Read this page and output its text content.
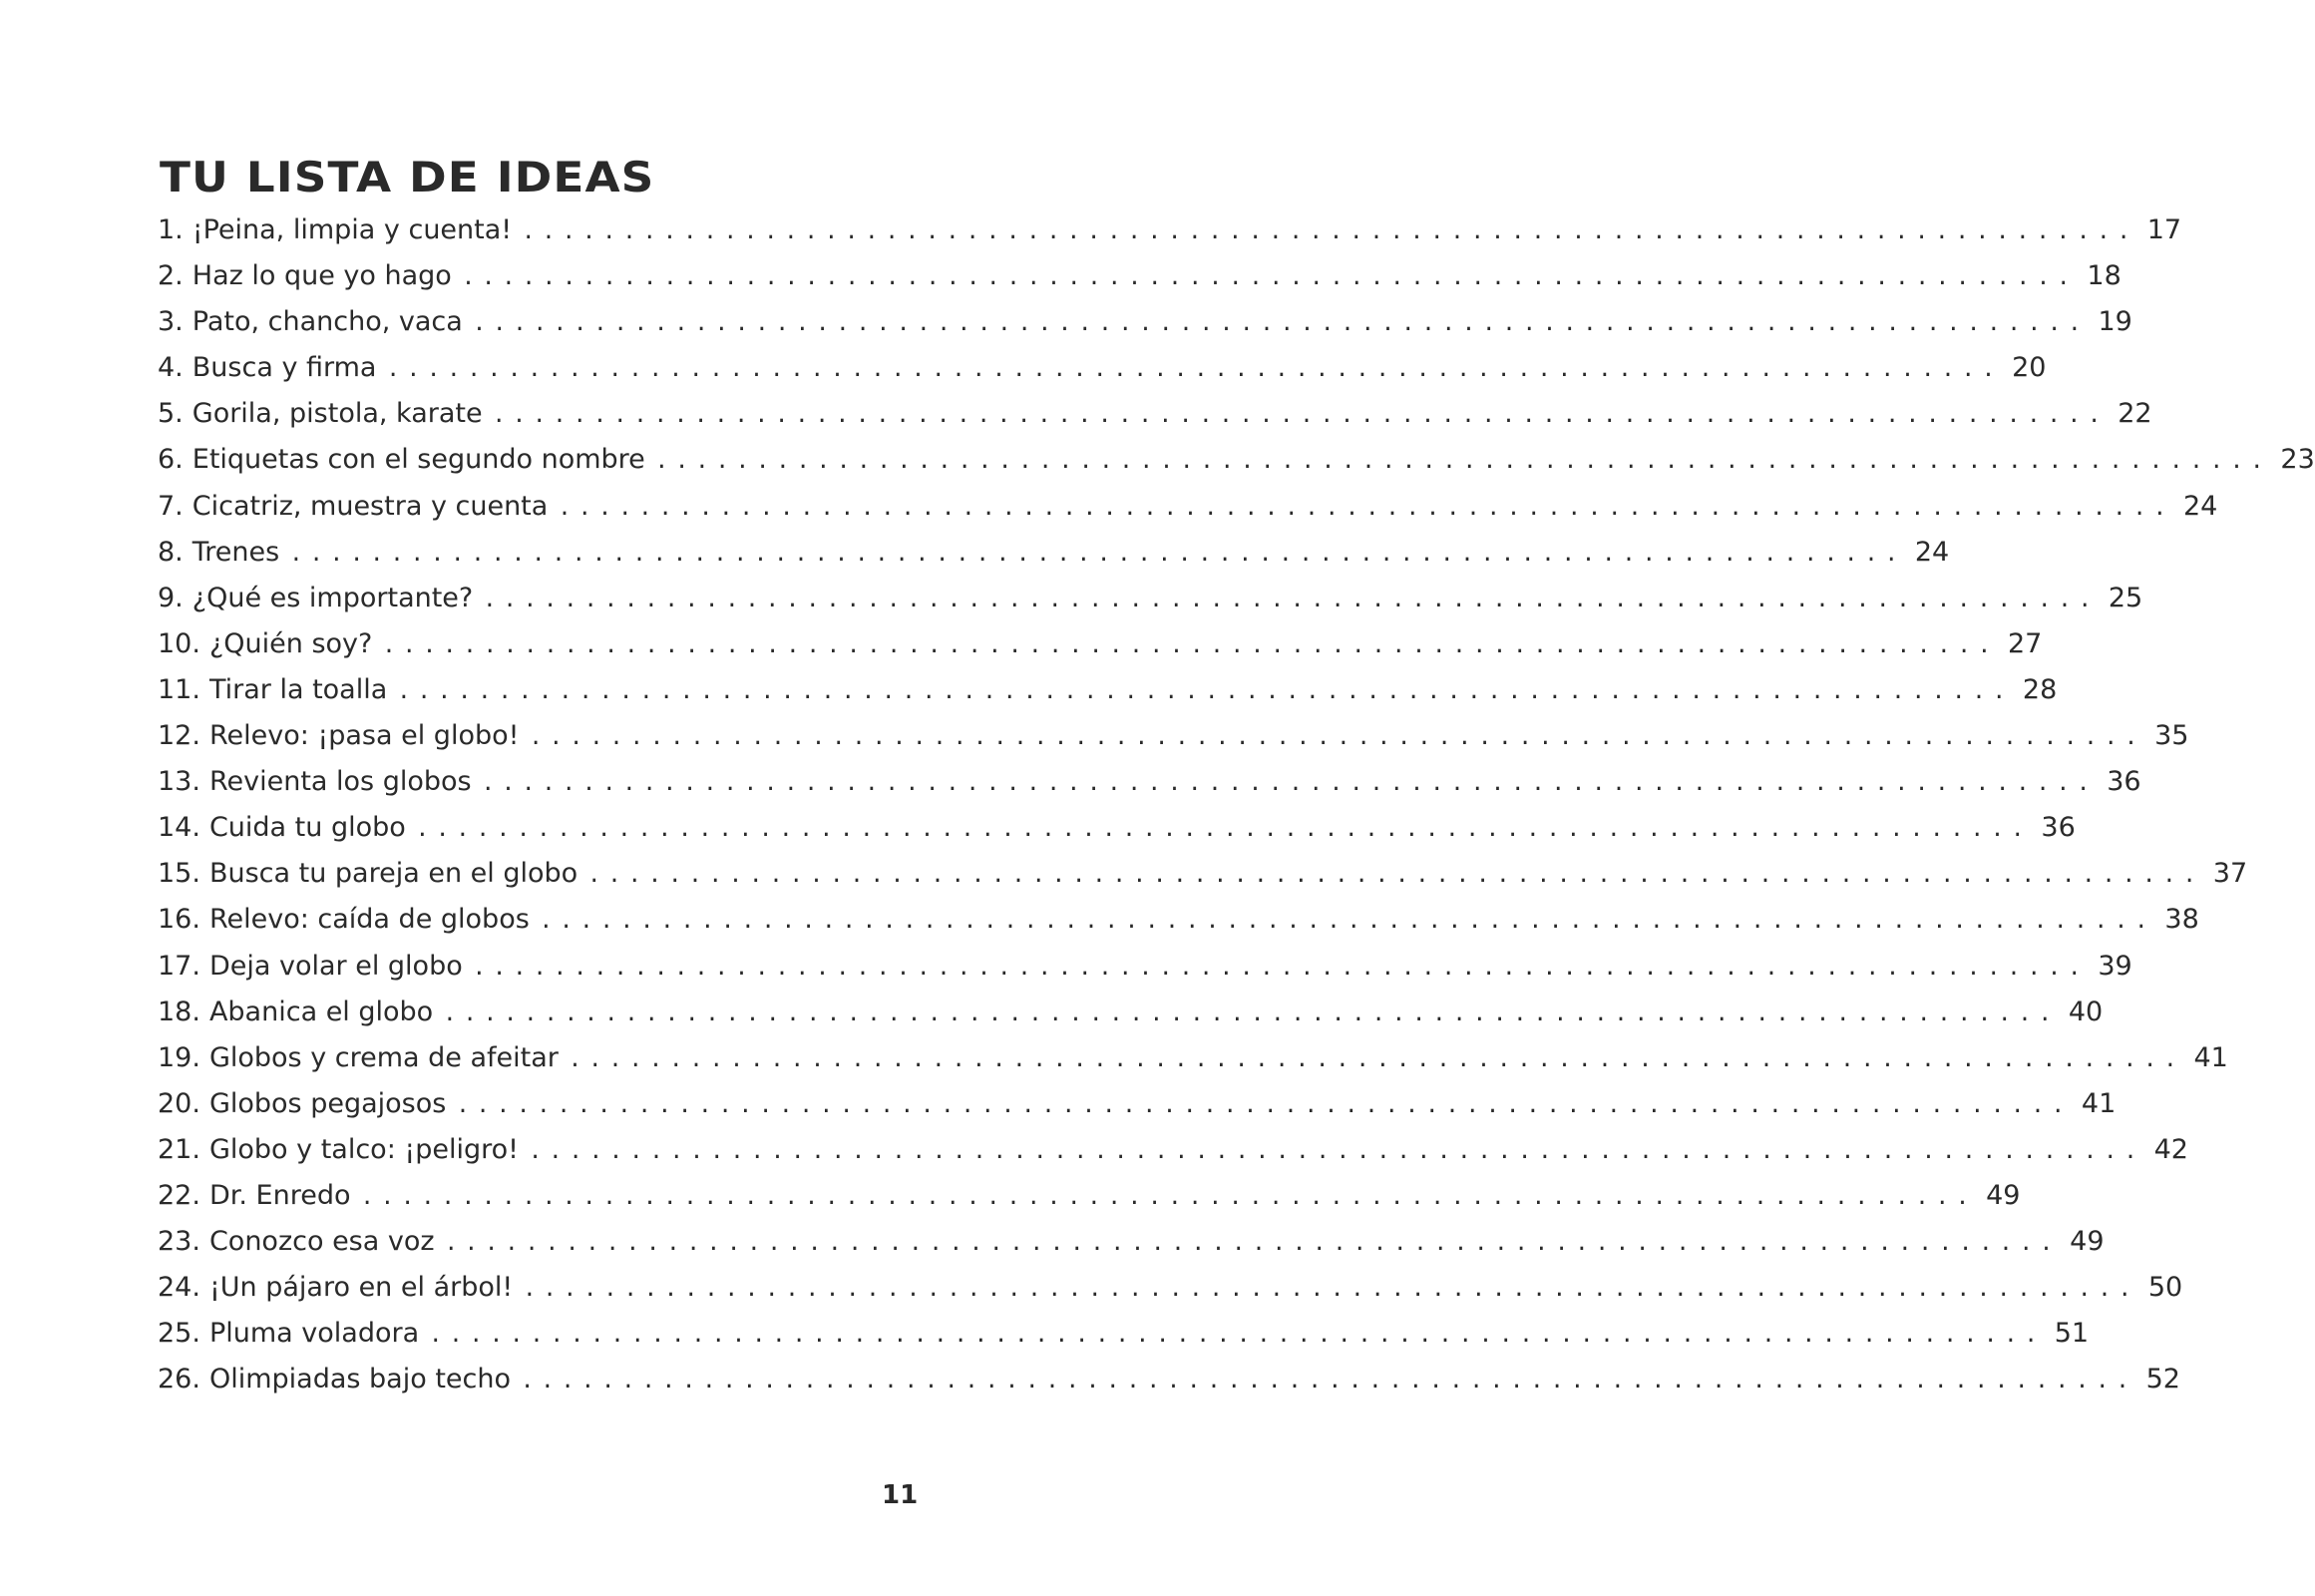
TU LISTA DE IDEAS
1. ¡Peina, limpia y cuenta! ................................................................................ 17
2. Haz lo que yo hago ................................................................................ 18
3. Pato, chancho, vaca ................................................................................ 19
4. Busca y firma ................................................................................ 20
5. Gorila, pistola, karate ................................................................................ 22
6. Etiquetas con el segundo nombre ................................................................................ 23
7. Cicatriz, muestra y cuenta ................................................................................ 24
8. Trenes ................................................................................ 24
9. ¿Qué es importante? ................................................................................ 25
10. ¿Quién soy? ................................................................................ 27
11. Tirar la toalla ................................................................................ 28
12. Relevo: ¡pasa el globo! ................................................................................ 35
13. Revienta los globos ................................................................................ 36
14. Cuida tu globo ................................................................................ 36
15. Busca tu pareja en el globo ................................................................................ 37
16. Relevo: caída de globos ................................................................................ 38
17. Deja volar el globo ................................................................................ 39
18. Abanica el globo ................................................................................ 40
19. Globos y crema de afeitar ................................................................................ 41
20. Globos pegajosos ................................................................................ 41
21. Globo y talco: ¡peligro! ................................................................................ 42
22. Dr. Enredo ................................................................................ 49
23. Conozco esa voz ................................................................................ 49
24. ¡Un pájaro en el árbol! ................................................................................ 50
25. Pluma voladora ................................................................................ 51
26. Olimpiadas bajo techo ................................................................................ 52
11
